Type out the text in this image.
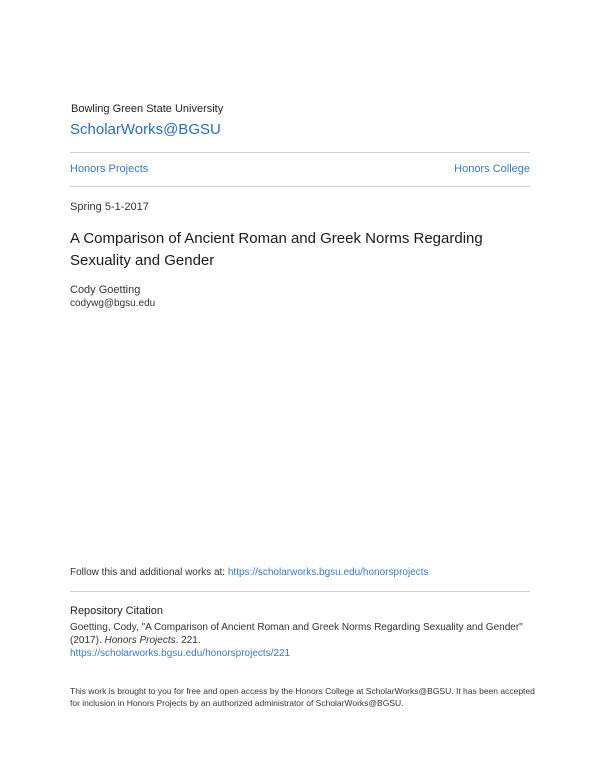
Bowling Green State University
ScholarWorks@BGSU
Honors Projects	Honors College
Spring 5-1-2017
A Comparison of Ancient Roman and Greek Norms Regarding Sexuality and Gender
Cody Goetting
codywg@bgsu.edu
Follow this and additional works at: https://scholarworks.bgsu.edu/honorsprojects
Repository Citation
Goetting, Cody, "A Comparison of Ancient Roman and Greek Norms Regarding Sexuality and Gender" (2017). Honors Projects. 221.
https://scholarworks.bgsu.edu/honorsprojects/221
This work is brought to you for free and open access by the Honors College at ScholarWorks@BGSU. It has been accepted for inclusion in Honors Projects by an authorized administrator of ScholarWorks@BGSU.
